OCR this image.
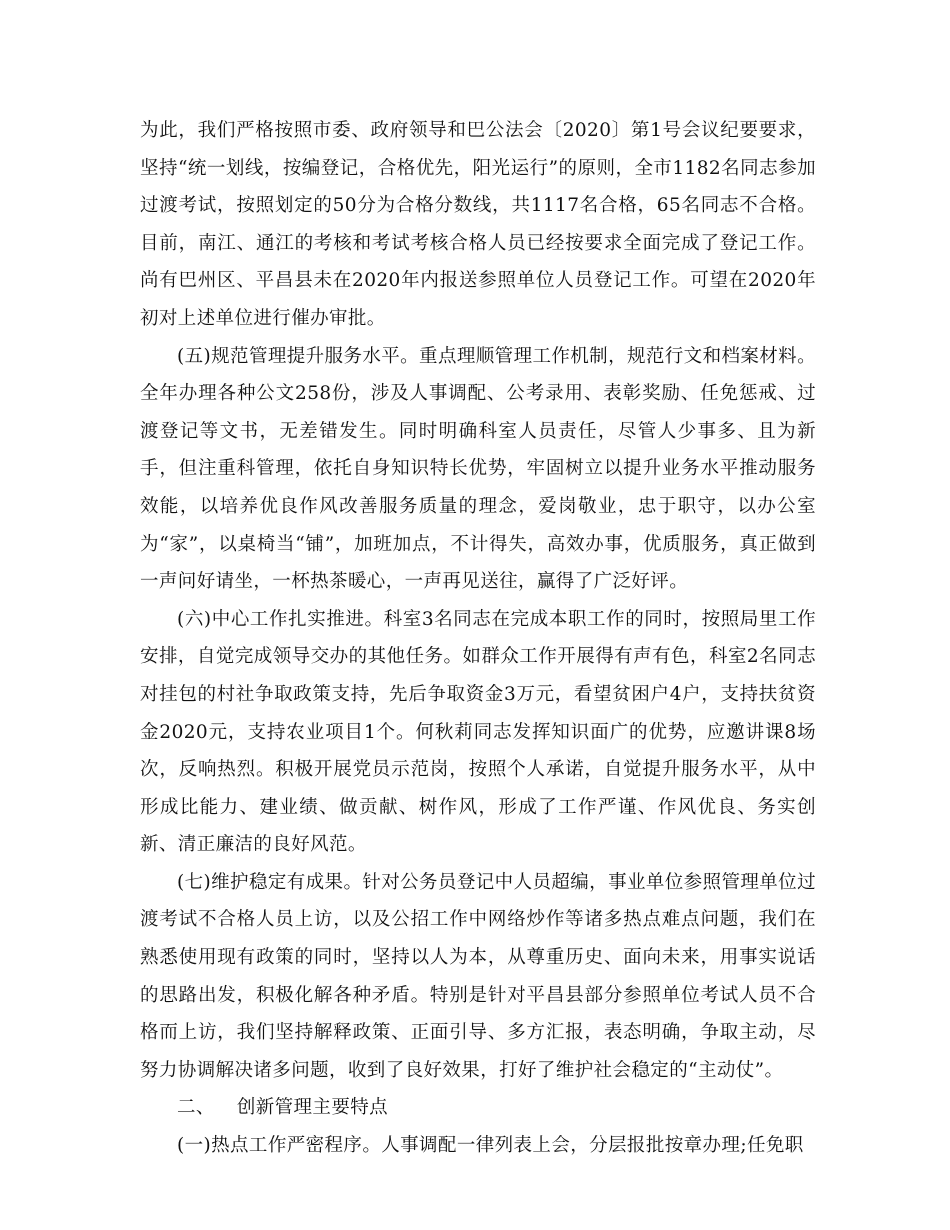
为此，我们严格按照市委、政府领导和巴公法会〔2020〕第1号会议纪要要求，坚持“统一划线，按编登记，合格优先，阳光运行”的原则，全市1182名同志参加过渡考试，按照划定的50分为合格分数线，共1117名合格，65名同志不合格。目前，南江、通江的考核和考试考核合格人员已经按要求全面完成了登记工作。尚有巴州区、平昌县未在2020年内报送参照单位人员登记工作。可望在2020年初对上述单位进行催办审批。

(五)规范管理提升服务水平。重点理顺管理工作机制，规范行文和档案材料。全年办理各种公文258份，涉及人事调配、公考录用、表彰奖励、任免惩戒、过渡登记等文书，无差错发生。同时明确科室人员责任，尽管人少事多、且为新手，但注重科管理，依托自身知识特长优势，牢固树立以提升业务水平推动服务效能，以培养优良作风改善服务质量的理念，爱岗敬业，忠于职守，以办公室为“家”，以桌椅当“铺”，加班加点，不计得失，高效办事，优质服务，真正做到一声问好请坐，一杯热茶暖心，一声再见送往，赢得了广泛好评。

(六)中心工作扎实推进。科室3名同志在完成本职工作的同时，按照局里工作安排，自觉完成领导交办的其他任务。如群众工作开展得有声有色，科室2名同志对挂包的村社争取政策支持，先后争取资金3万元，看望贫困户4户，支持扶贫资金2020元，支持农业项目1个。何秋莉同志发挥知识面广的优势，应邀讲课8场次，反响热烈。积极开展党员示范岗，按照个人承诺，自觉提升服务水平，从中形成比能力、建业绩、做贡献、树作风，形成了工作严谨、作风优良、务实创新、清正廉洁的良好风范。

(七)维护稳定有成果。针对公务员登记中人员超编，事业单位参照管理单位过渡考试不合格人员上访，以及公招工作中网络炒作等诸多热点难点问题，我们在熟悉使用现有政策的同时，坚持以人为本，从尊重历史、面向未来，用事实说话的思路出发，积极化解各种矛盾。特别是针对平昌县部分参照单位考试人员不合格而上访，我们坚持解释政策、正面引导、多方汇报，表态明确，争取主动，尽努力协调解决诸多问题，收到了良好效果，打好了维护社会稳定的“主动仗”。

二、 创新管理主要特点

(一)热点工作严密程序。人事调配一律列表上会，分层报批按章办理;任免职
